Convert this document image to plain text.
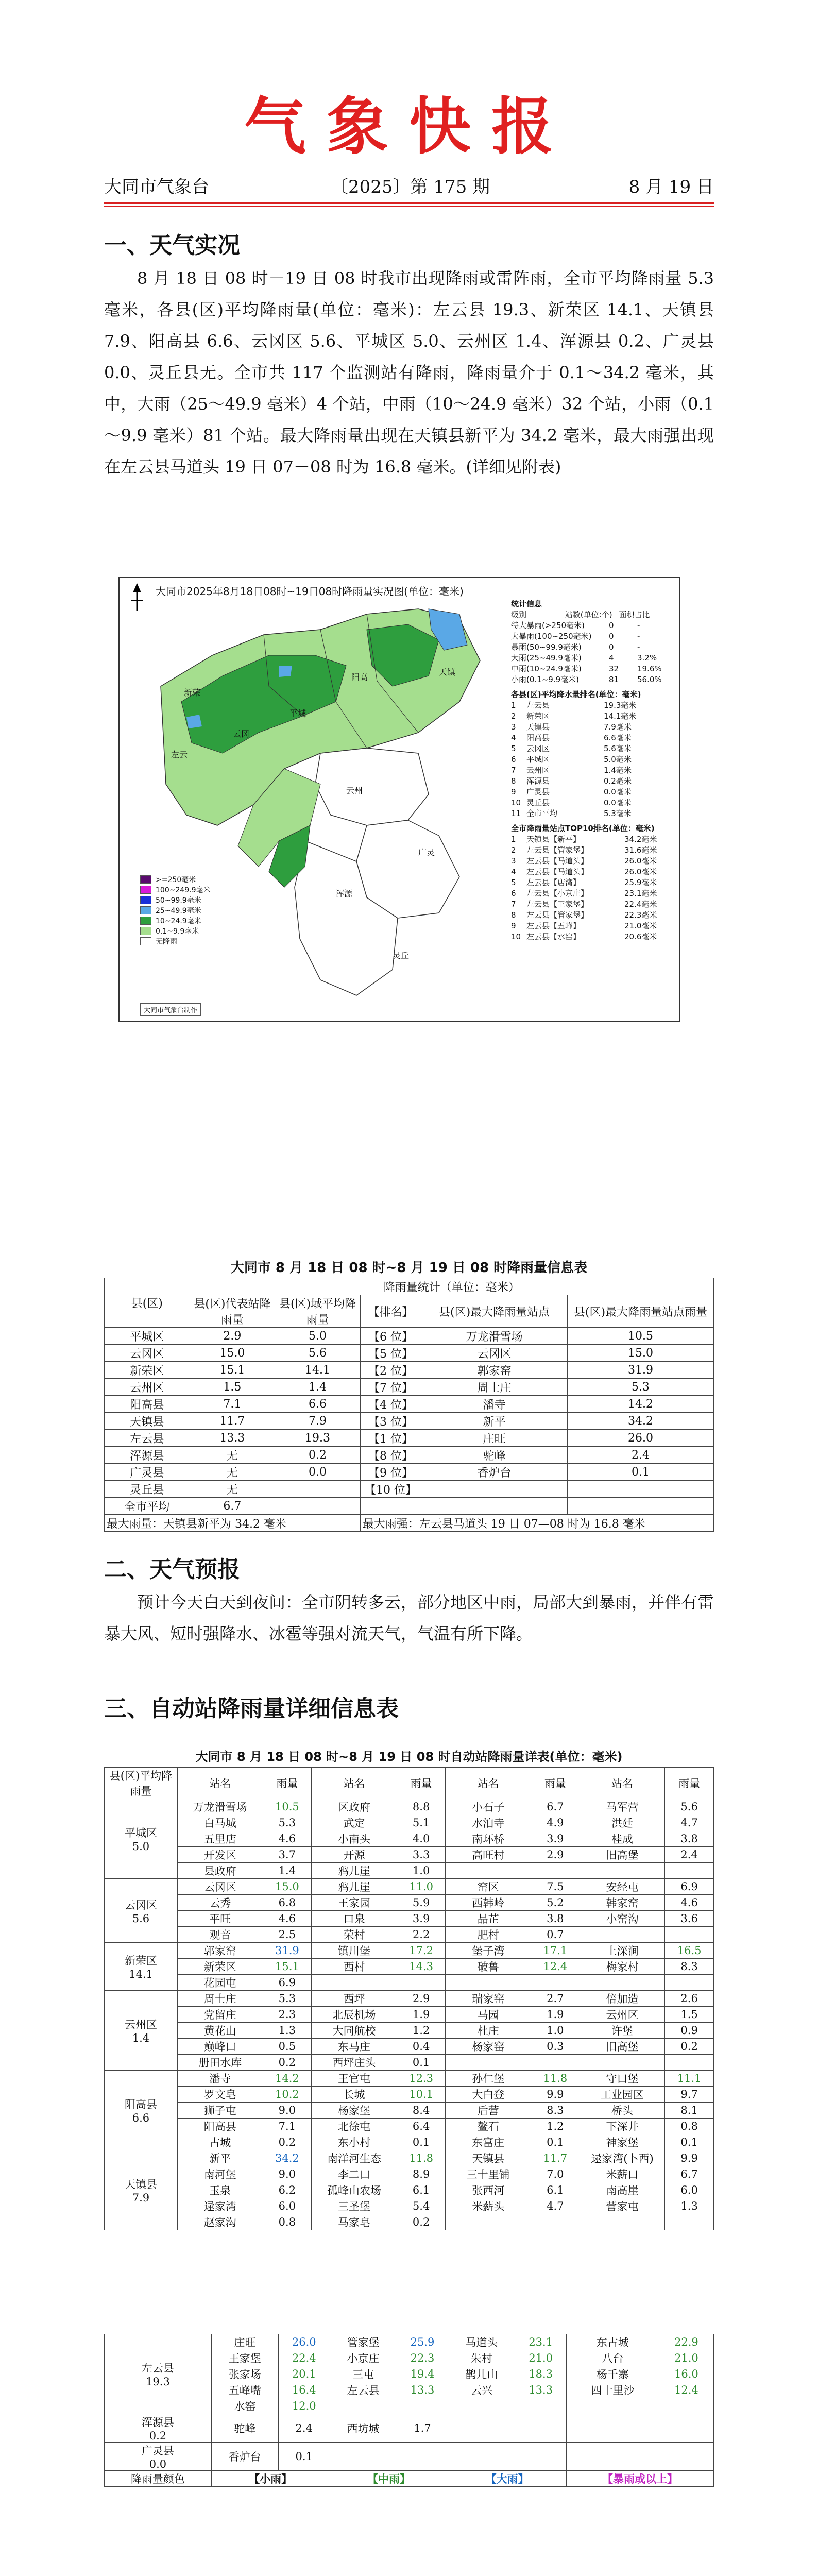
气象快报
大同市气象台	〔2025〕第 175 期	8 月 19 日
一、天气实况
8 月 18 日 08 时－19 日 08 时我市出现降雨或雷阵雨，全市平均降雨量 5.3 毫米，各县(区)平均降雨量(单位：毫米)：左云县 19.3、新荣区 14.1、天镇县 7.9、阳高县 6.6、云冈区 5.6、平城区 5.0、云州区 1.4、浑源县 0.2、广灵县 0.0、灵丘县无。全市共 117 个监测站有降雨，降雨量介于 0.1～34.2 毫米，其中，大雨（25～49.9 毫米）4 个站，中雨（10～24.9 毫米）32 个站，小雨（0.1～9.9 毫米）81 个站。最大降雨量出现在天镇县新平为 34.2 毫米，最大雨强出现在左云县马道头 19 日 07－08 时为 16.8 毫米。(详细见附表)
大同市2025年8月18日08时~19日08时降雨量实况图(单位：毫米)
新荣
左云
云冈
平城
阳高
天镇
云州
浑源
广灵
灵丘
统计信息
级别	站数(单位:个) 面积占比
特大暴雨(>250毫米)	0	-
大暴雨(100~250毫米) 0	-
暴雨(50~99.9毫米)	0	-
大雨(25~49.9毫米)	4	3.2%
中雨(10~24.9毫米)	32 19.6%
小雨(0.1~9.9毫米)	81 56.0%
各县(区)平均降水量排名(单位：毫米)
1 左云县	19.3毫米
2 新荣区	14.1毫米
3 天镇县	7.9毫米
4 阳高县	6.6毫米
5 云冈区	5.6毫米
6 平城区	5.0毫米
7 云州区	1.4毫米
8 浑源县	0.2毫米
9 广灵县	0.0毫米
10 灵丘县	0.0毫米
11 全市平均	5.3毫米
全市降雨量站点TOP10排名(单位：毫米)
1 天镇县【新平】	34.2毫米
2 左云县【管家堡】	31.6毫米
3 左云县【马道头】	26.0毫米
4 左云县【马道头】	26.0毫米
5 左云县【店湾】	25.9毫米
6 左云县【小京庄】	23.1毫米
7 左云县【王家堡】	22.4毫米
8 左云县【管家堡】	22.3毫米
9 左云县【五峰】	21.0毫米
10 左云县【水窑】	20.6毫米
>=250毫米
100~249.9毫米
50~99.9毫米
25~49.9毫米
10~24.9毫米
0.1~9.9毫米
无降雨
大同市气象台制作
大同市 8 月 18 日 08 时~8 月 19 日 08 时降雨量信息表
县(区)	降雨量统计（单位：毫米）				
	县(区)代表站降雨量	县(区)域平均降雨量	【排名】	县(区)最大降雨量站点	县(区)最大降雨量站点雨量
平城区	2.9	5.0	【6 位】	万龙滑雪场	10.5
云冈区	15.0	5.6	【5 位】	云冈区	15.0
新荣区	15.1	14.1	【2 位】	郭家窑	31.9
云州区	1.5	1.4	【7 位】	周士庄	5.3
阳高县	7.1	6.6	【4 位】	潘寺	14.2
天镇县	11.7	7.9	【3 位】	新平	34.2
左云县	13.3	19.3	【1 位】	庄旺	26.0
浑源县	无	0.2	【8 位】	驼峰	2.4
广灵县	无	0.0	【9 位】	香炉台	0.1
灵丘县	无		【10 位】		
全市平均	6.7				
最大雨量：天镇县新平为 34.2 毫米			最大雨强：左云县马道头 19 日 07—08 时为 16.8 毫米		
二、天气预报
预计今天白天到夜间：全市阴转多云，部分地区中雨，局部大到暴雨，并伴有雷暴大风、短时强降水、冰雹等强对流天气，气温有所下降。
三、自动站降雨量详细信息表
大同市 8 月 18 日 08 时~8 月 19 日 08 时自动站降雨量详表(单位：毫米)
县(区)平均降雨量	站名	雨量	站名	雨量	站名	雨量	站名	雨量

平城区
5.0	万龙滑雪场	10.5	区政府	8.8	小石子	6.7	马军营	5.6
	白马城	5.3	武定	5.1	水泊寺	4.9	洪廷	4.7
	五里店	4.6	小南头	4.0	南环桥	3.9	桂成	3.8
	开发区	3.7	开源	3.3	高旺村	2.9	旧高堡	2.4
	县政府	1.4	鸦儿崖	1.0				

云冈区
5.6	云冈区	15.0	鸦儿崖	11.0	窑区	7.5	安经屯	6.9
	云秀	6.8	王家园	5.9	西韩岭	5.2	韩家窑	4.6
	平旺	4.6	口泉	3.9	晶芷	3.8	小窑沟	3.6
	观音	2.5	荣村	2.2	肥村	0.7		

新荣区
14.1	郭家窑	31.9	镇川堡	17.2	堡子湾	17.1	上深涧	16.5
	新荣区	15.1	西村	14.3	破鲁	12.4	梅家村	8.3
	花园屯	6.9						

云州区
1.4	周士庄	5.3	西坪	2.9	瑞家窑	2.7	倍加造	2.6
	党留庄	2.3	北辰机场	1.9	马园	1.9	云州区	1.5
	黄花山	1.3	大同航校	1.2	杜庄	1.0	许堡	0.9
	巅峰口	0.5	东马庄	0.4	杨家窑	0.3	旧高堡	0.2
	册田水库	0.2	西坪庄头	0.1				

阳高县
6.6	潘寺	14.2	王官屯	12.3	孙仁堡	11.8	守口堡	11.1
	罗文皂	10.2	长城	10.1	大白登	9.9	工业园区	9.7
	狮子屯	9.0	杨家堡	8.4	后营	8.3	桥头	8.1
	阳高县	7.1	北徐屯	6.4	鳌石	1.2	下深井	0.8
	古城	0.2	东小村	0.1	东富庄	0.1	神家堡	0.1

天镇县
7.9	新平	34.2	南洋河生态	11.8	天镇县	11.7	逯家湾(卜西)	9.9
	南河堡	9.0	李二口	8.9	三十里铺	7.0	米薪口	6.7
	玉泉	6.2	孤峰山农场	6.1	张西河	6.1	南高崖	6.0
	逯家湾	6.0	三圣堡	5.4	米薪头	4.7	营家屯	1.3
	赵家沟	0.8	马家皂	0.2				
左云县
19.3	庄旺	26.0	管家堡	25.9	马道头	23.1	东古城	22.9
	王家堡	22.4	小京庄	22.3	朱村	21.0	八台	21.0
	张家场	20.1	三屯	19.4	鹊儿山	18.3	杨千寨	16.0
	五峰嘴	16.4	左云县	13.3	云兴	13.3	四十里沙	12.4
	水窑	12.0						

浑源县
0.2	驼峰	2.4	西坊城	1.7				

广灵县
0.0	香炉台	0.1						
降雨量颜色	【小雨】		【中雨】		【大雨】		【暴雨或以上】	
